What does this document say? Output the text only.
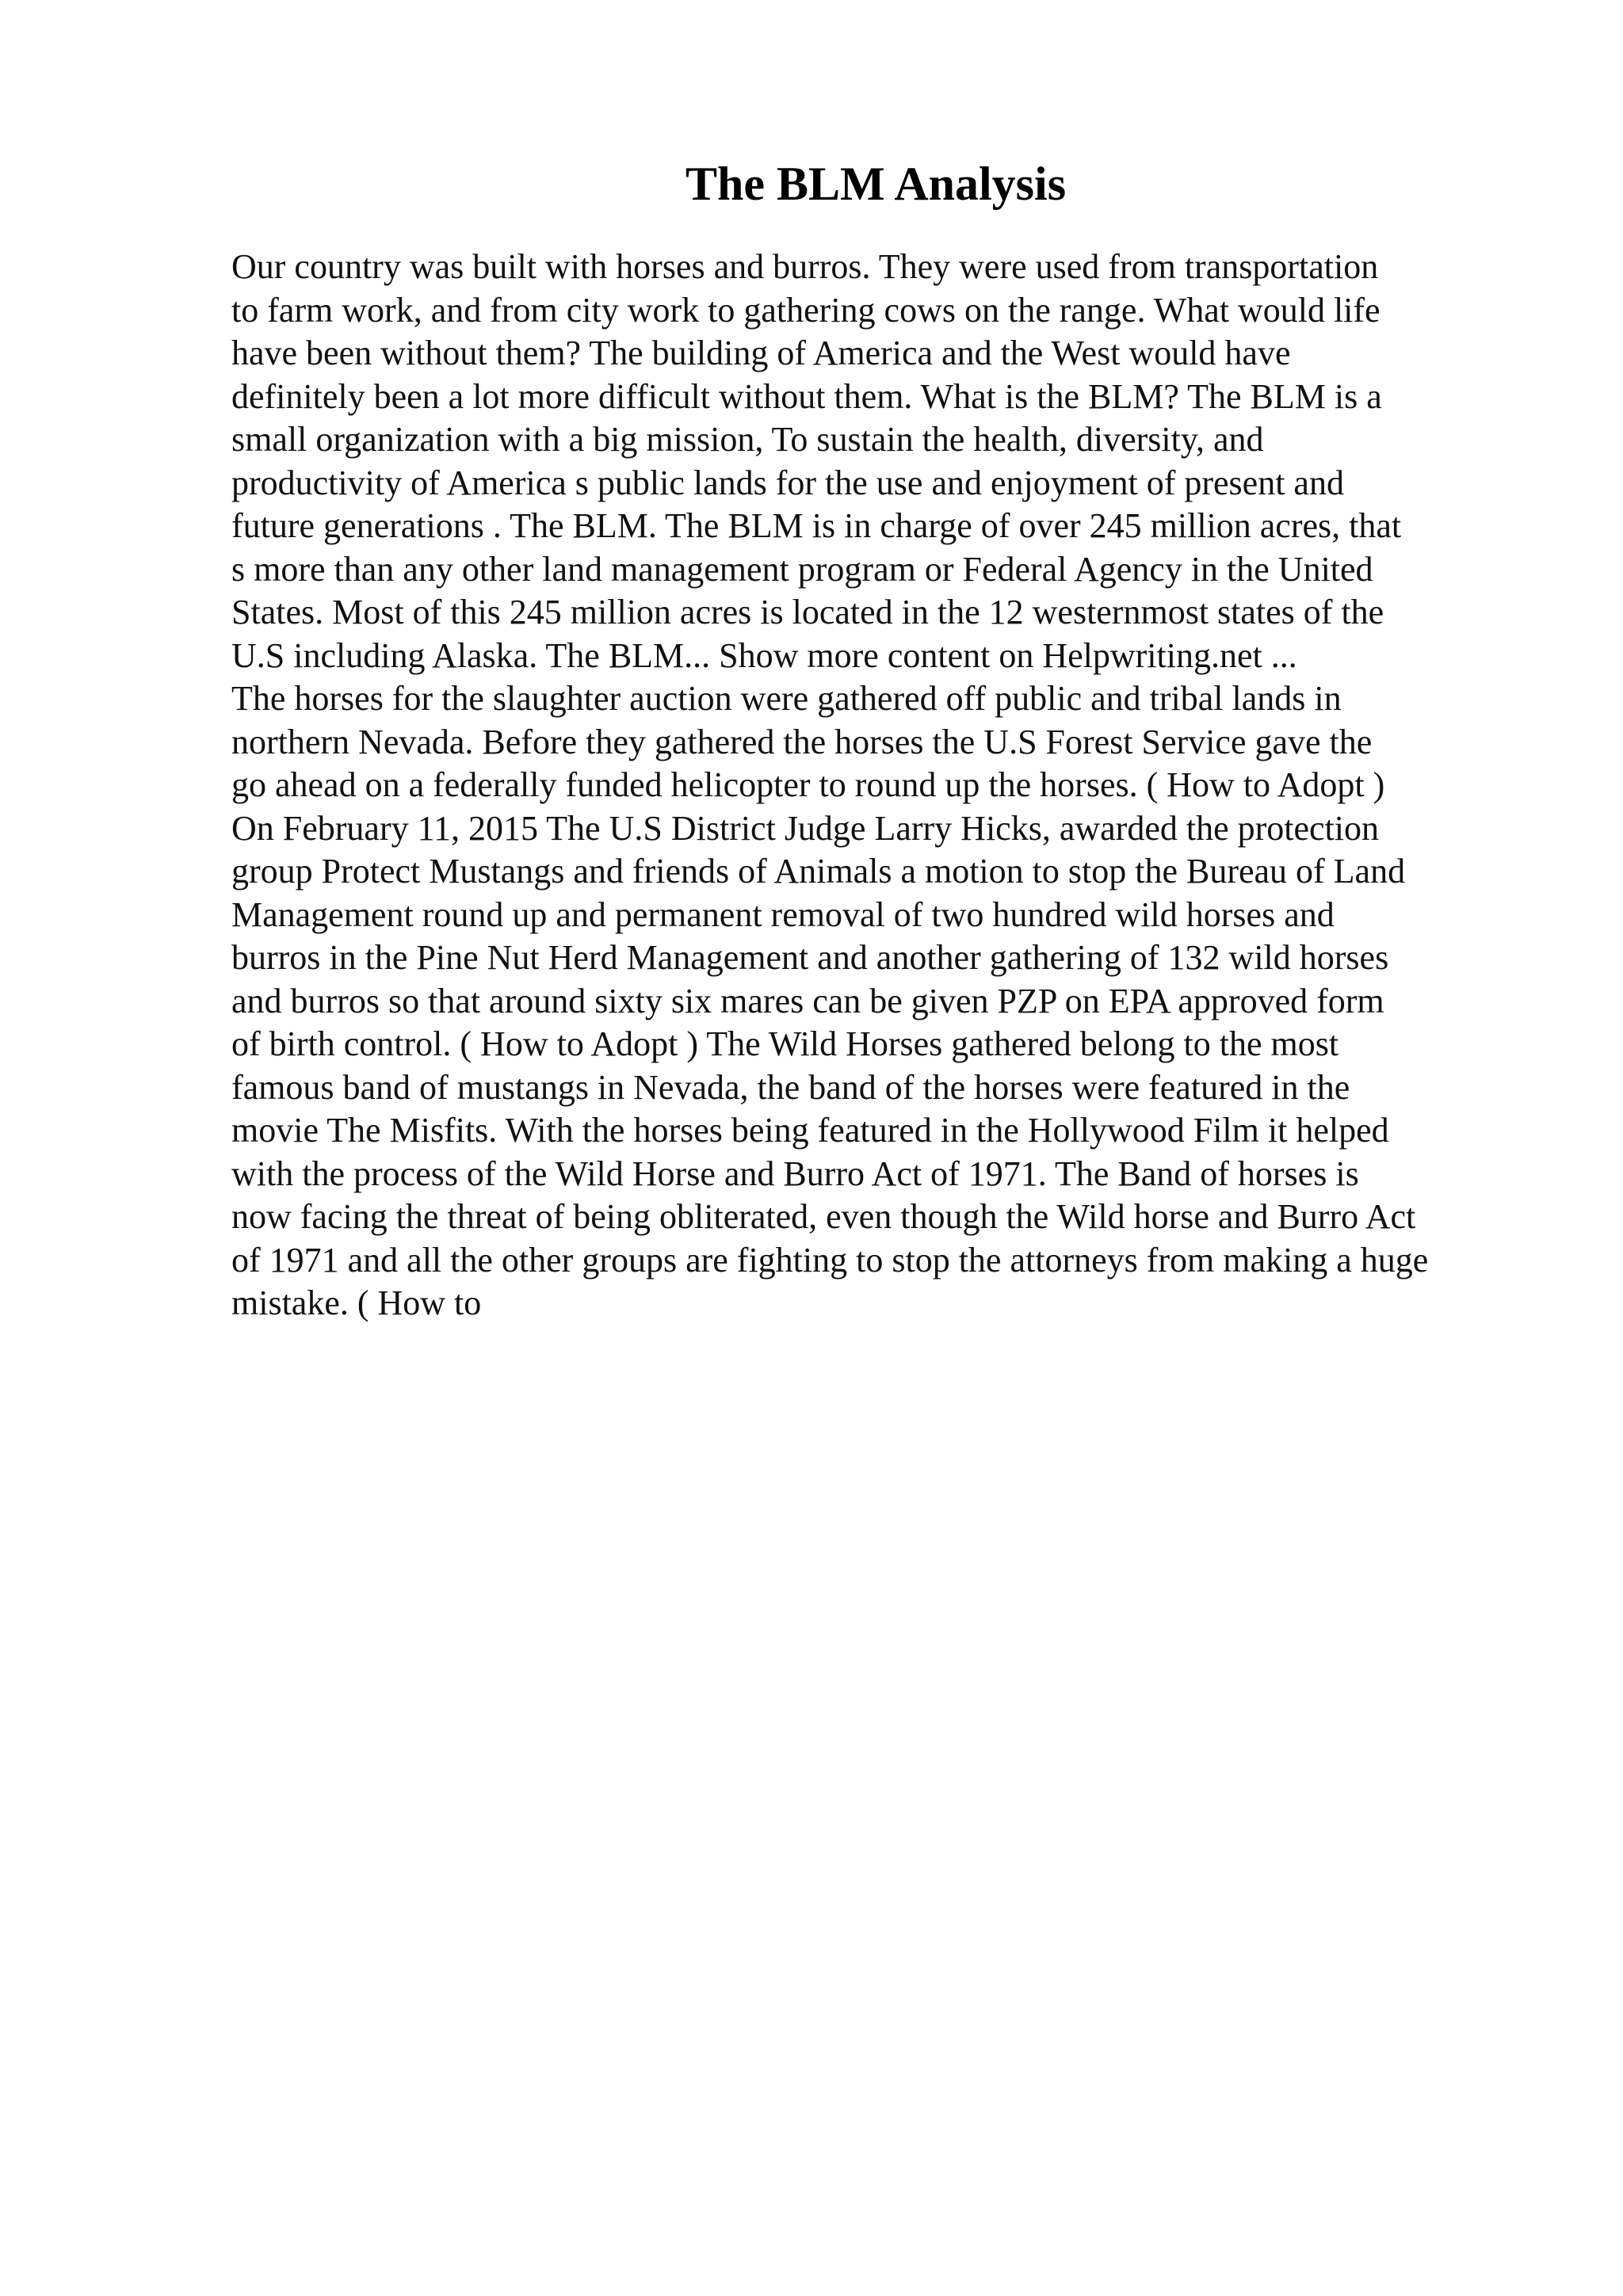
The BLM Analysis
Our country was built with horses and burros. They were used from transportation
to farm work, and from city work to gathering cows on the range. What would life
have been without them? The building of America and the West would have
definitely been a lot more difficult without them. What is the BLM? The BLM is a
small organization with a big mission, To sustain the health, diversity, and
productivity of America s public lands for the use and enjoyment of present and
future generations . The BLM. The BLM is in charge of over 245 million acres, that
s more than any other land management program or Federal Agency in the United
States. Most of this 245 million acres is located in the 12 westernmost states of the
U.S including Alaska. The BLM... Show more content on Helpwriting.net ...
The horses for the slaughter auction were gathered off public and tribal lands in
northern Nevada. Before they gathered the horses the U.S Forest Service gave the
go ahead on a federally funded helicopter to round up the horses. ( How to Adopt )
On February 11, 2015 The U.S District Judge Larry Hicks, awarded the protection
group Protect Mustangs and friends of Animals a motion to stop the Bureau of Land
Management round up and permanent removal of two hundred wild horses and
burros in the Pine Nut Herd Management and another gathering of 132 wild horses
and burros so that around sixty six mares can be given PZP on EPA approved form
of birth control. ( How to Adopt ) The Wild Horses gathered belong to the most
famous band of mustangs in Nevada, the band of the horses were featured in the
movie The Misfits. With the horses being featured in the Hollywood Film it helped
with the process of the Wild Horse and Burro Act of 1971. The Band of horses is
now facing the threat of being obliterated, even though the Wild horse and Burro Act
of 1971 and all the other groups are fighting to stop the attorneys from making a huge
mistake. ( How to
